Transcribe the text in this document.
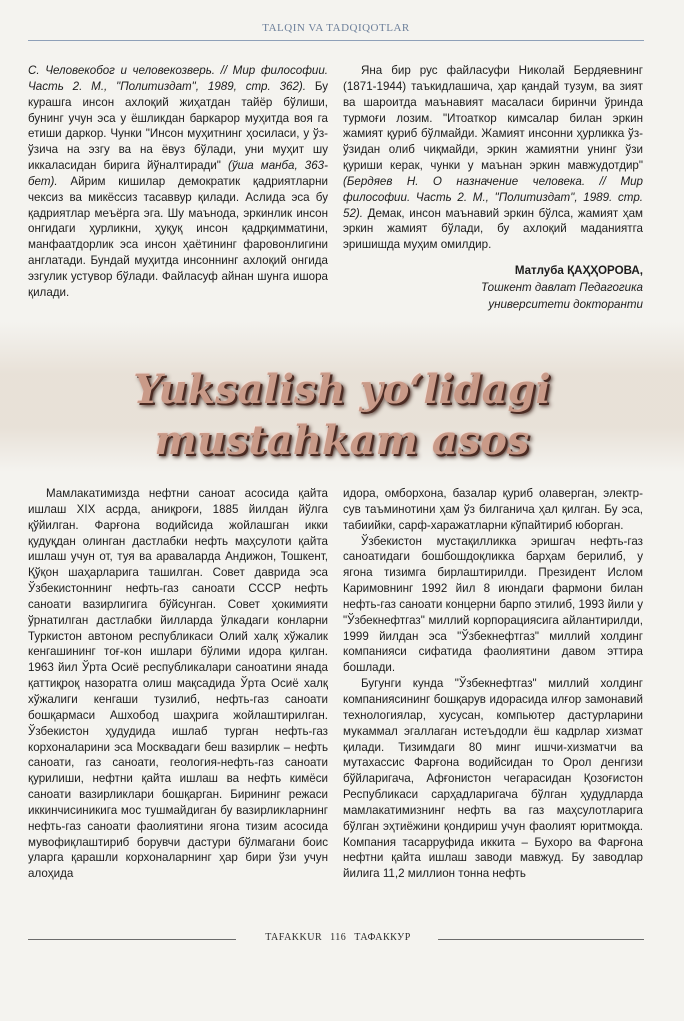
TALQIN VA TADQIQOTLAR

С. Человекобог и человекозверь. // Мир философии. Часть 2. М., "Политиздат", 1989, стр. 362). Бу курашга инсон ахлоқий жиҳатдан тайёр бўлиши, бунинг учун эса у ёшликдан баркарор муҳитда воя га етиши даркор. Чунки "Инсон муҳитнинг ҳосиласи, у ўз-ўзича на эзгу ва на ёвуз бўлади, уни муҳит шу иккаласидан бирига йўналтиради" (ўша манба, 363-бет). Айрим кишилар демократик қадриятларни чексиз ва микёссиз тасаввур қилади. Аслида эса бу қадриятлар меъёрга эга. Шу маънода, эркинлик инсон онгидаги ҳурликни, ҳуқуқ инсон қадрқимматини, манфаатдорлик эса инсон ҳаётининг фаровонлигини англатади. Бундай муҳитда инсоннинг ахлоқий онгида эзгулик устувор бўлади. Файласуф айнан шунга ишора қилади.

Яна бир рус файласуфи Николай Бердяевнинг (1871-1944) таъкидлашича, ҳар қандай тузум, ва зият ва шароитда маънавият масаласи биринчи ўринда турмоғи лозим. "Итоаткор кимсалар билан эркин жамият қуриб бўлмайди. Жамият инсонни ҳурликка ўз-ўзидан олиб чиқмайди, эркин жамиятни унинг ўзи қуриши керак, чунки у маънан эркин мавжудотдир" (Бердяев Н. О назначение человека. // Мир философии. Часть 2. М., "Политиздат", 1989. стр. 52). Демак, инсон маънавий эркин бўлса, жамият ҳам эркин жамият бўлади, бу ахлоқий маданиятга эришишда муҳим омилдир.

Матлуба ҚАҲҲОРОВА,

Тошкент давлат Педагогика

университети докторанти

Yuksalish yo‘lidagi
mustahkam asos

Мамлакатимизда нефтни саноат асосида қайта ишлаш XIX асрда, аниқроғи, 1885 йилдан йўлга қўйилган. Фарғона водийсида жойлашган икки қудуқдан олинган дастлабки нефть маҳсулоти қайта ишлаш учун от, туя ва араваларда Андижон, Тошкент, Қўқон шаҳарларига ташилган. Совет даврида эса Ўзбекистоннинг нефть-газ саноати СССР нефть саноати вазирлигига бўйсунган. Совет ҳокимияти ўрнатилган дастлабки йилларда ўлкадаги конларни Туркистон автоном республикаси Олий халқ хўжалик кенгашининг тоғ-кон ишлари бўлими идора қилган. 1963 йил Ўрта Осиё республикалари саноатини янада қаттиқроқ назоратга олиш мақсадида Ўрта Осиё халқ хўжалиги кенгаши тузилиб, нефть-газ саноати бошқармаси Ашхобод шаҳрига жойлаштирилган. Ўзбекистон ҳудудида ишлаб турган нефть-газ корхоналарини эса Москвадаги беш вазирлик – нефть саноати, газ саноати, геология-нефть-газ саноати қурилиши, нефтни қайта ишлаш ва нефть кимёси саноати вазирликлари бошқарган. Бирининг режаси иккинчисиникига мос тушмайдиган бу вазирликларнинг нефть-газ саноати фаолиятини ягона тизим асосида мувофиқлаштириб борувчи дастури бўлмагани боис уларга қарашли корхоналарнинг ҳар бири ўзи учун алоҳида

идора, омборхона, базалар қуриб олаверган, электр-сув таъминотини ҳам ўз билганича ҳал қилган. Бу эса, табиийки, сарф-харажатларни кўпайтириб юборган.

Ўзбекистон мустақилликка эришгач нефть-газ саноатидаги бошбошдоқликка барҳам берилиб, у ягона тизимга бирлаштирилди. Президент Ислом Каримовнинг 1992 йил 8 июндаги фармони билан нефть-газ саноати концерни барпо этилиб, 1993 йили у "Ўзбекнефтгаз" миллий корпорациясига айлантирилди, 1999 йилдан эса "Ўзбекнефтгаз" миллий холдинг компанияси сифатида фаолиятини давом эттира бошлади.

Бугунги кунда "Ўзбекнефтгаз" миллий холдинг компаниясининг бошқарув идорасида илғор замонавий технологиялар, хусусан, компьютер дастурларини мукаммал эгаллаган истеъдодли ёш кадрлар хизмат қилади. Тизимдаги 80 минг ишчи-хизматчи ва мутахассис Фарғона водийсидан то Орол денгизи бўйларигача, Афғонистон чегарасидан Қозоғистон Республикаси сарҳадларигача бўлган ҳудудларда мамлакатимизнинг нефть ва газ маҳсулотларига бўлган эҳтиёжини қондириш учун фаолият юритмоқда. Компания тасарруфида иккита – Бухоро ва Фарғона нефтни қайта ишлаш заводи мавжуд. Бу заводлар йилига 11,2 миллион тонна нефть

TAFAKKUR 116 ТАФАККУР
